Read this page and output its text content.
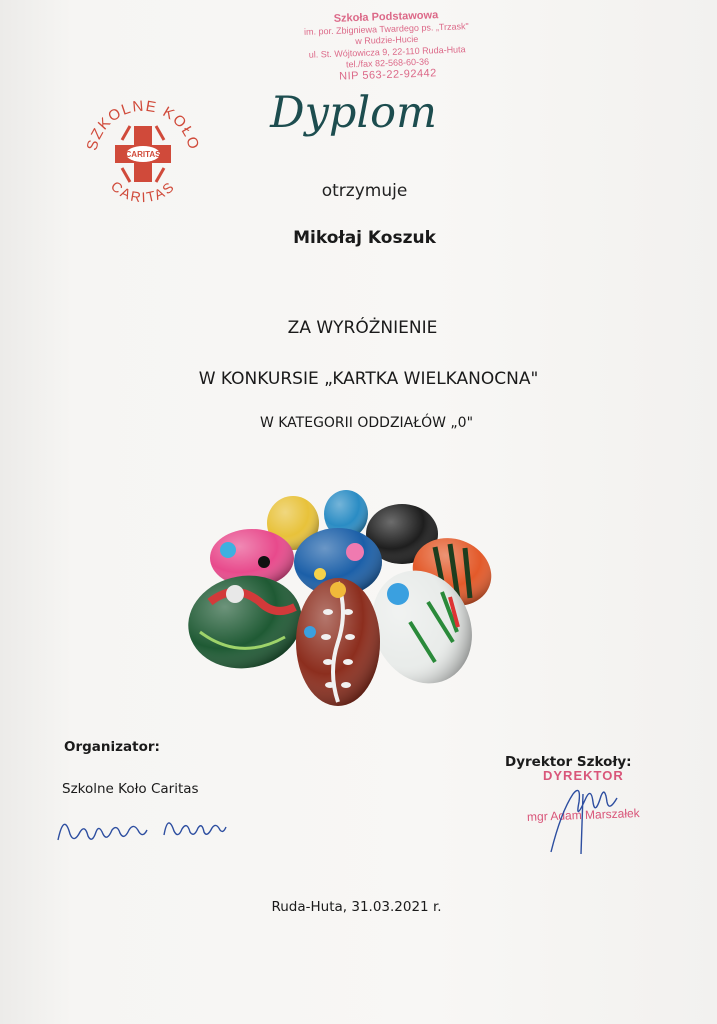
Szkoła Podstawowa
im. por. Zbigniewa Twardego ps. „Trzask"
w Rudzie-Hucie
ul. St. Wójtowicza 9, 22-110 Ruda-Huta
tel./fax 82-568-60-36
NIP 563-22-92442
SZKOLNE KOŁO
CARITAS
CARITAS
Dyplom
otrzymuje
Mikołaj Koszuk
ZA WYRÓŻNIENIE
W KONKURSIE „KARTKA WIELKANOCNA"
W KATEGORII ODDZIAŁÓW „0"
Organizator:
Szkolne Koło Caritas
Dyrektor Szkoły:
DYREKTOR
mgr Adam Marszałek
Ruda-Huta, 31.03.2021 r.
